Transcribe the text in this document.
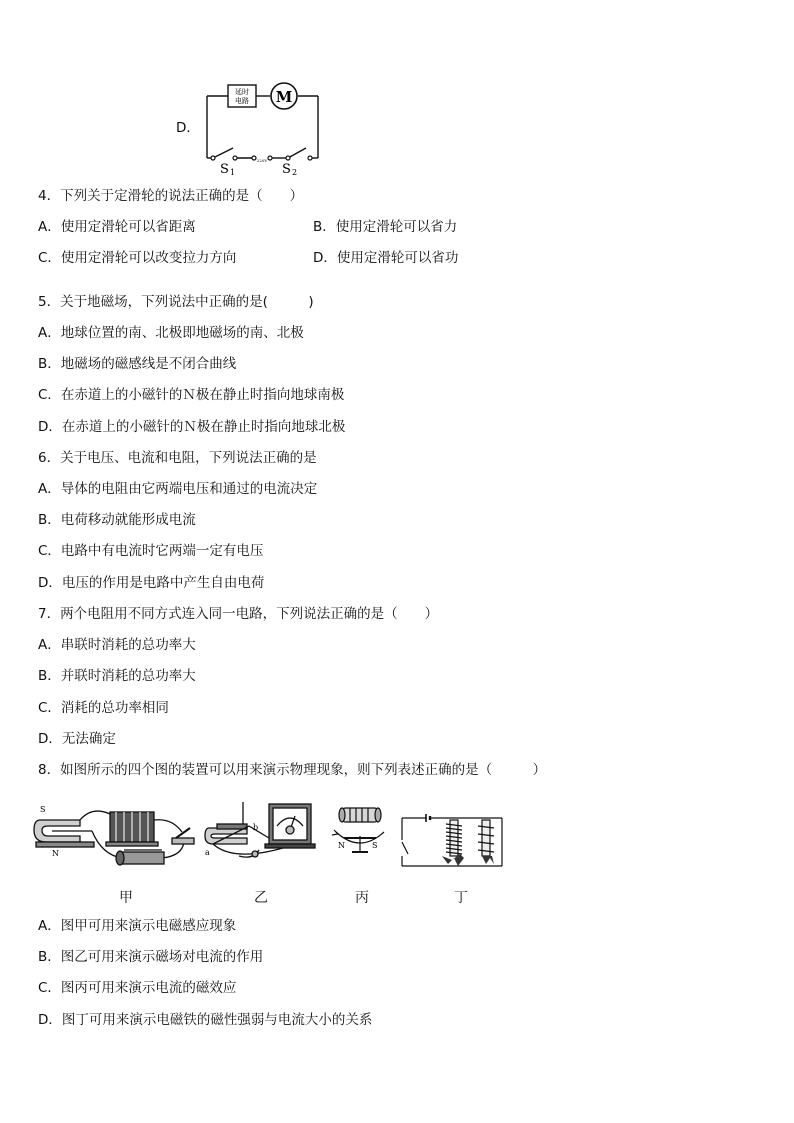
D．
延时
电路 M
220V
S 1	S 2
4．下列关于定滑轮的说法正确的是（　　）
A．使用定滑轮可以省距离	B．使用定滑轮可以省力
C．使用定滑轮可以改变拉力方向	D．使用定滑轮可以省功
5．关于地磁场，下列说法中正确的是(　　　)
A．地球位置的南、北极即地磁场的南、北极
B．地磁场的磁感线是不闭合曲线
C．在赤道上的小磁针的Ｎ极在静止时指向地球南极
D．在赤道上的小磁针的Ｎ极在静止时指向地球北极
6．关于电压、电流和电阻，下列说法正确的是
A．导体的电阻由它两端电压和通过的电流决定
B．电荷移动就能形成电流
C．电路中有电流时它两端一定有电压
D．电压的作用是电路中产生自由电荷
7．两个电阻用不同方式连入同一电路，下列说法正确的是（　　）
A．串联时消耗的总功率大
B．并联时消耗的总功率大
C．消耗的总功率相同
D．无法确定
8．如图所示的四个图的装置可以用来演示物理现象，则下列表述正确的是（　　　）
S
N	a
b
N	S
甲	乙	丙	丁
A．图甲可用来演示电磁感应现象
B．图乙可用来演示磁场对电流的作用
C．图丙可用来演示电流的磁效应
D．图丁可用来演示电磁铁的磁性强弱与电流大小的关系
